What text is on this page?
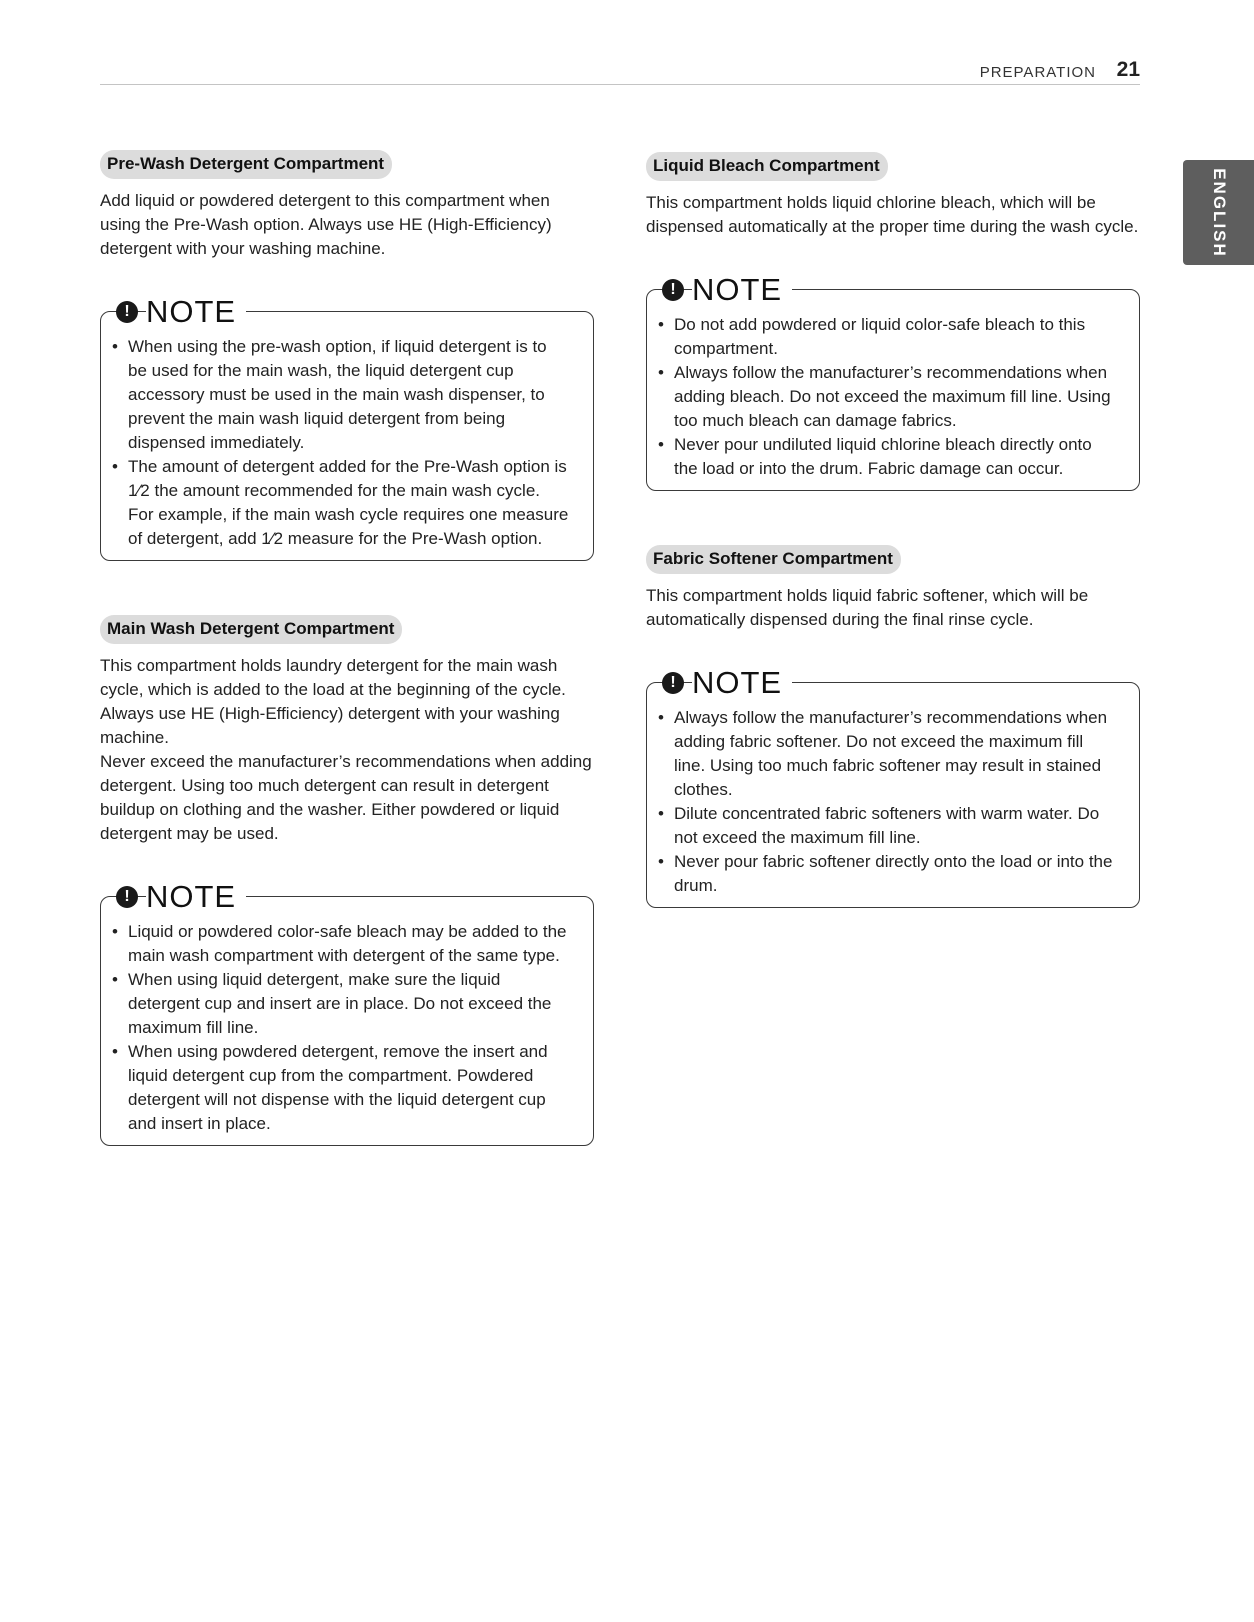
PREPARATION 21
ENGLISH
Pre-Wash Detergent Compartment

Add liquid or powdered detergent to this compartment when using the Pre-Wash option. Always use HE (High-Efficiency) detergent with your washing machine.

! NOTE
• When using the pre-wash option, if liquid detergent is to be used for the main wash, the liquid detergent cup accessory must be used in the main wash dispenser, to prevent the main wash liquid detergent from being dispensed immediately.
• The amount of detergent added for the Pre-Wash option is 1⁄2 the amount recommended for the main wash cycle. For example, if the main wash cycle requires one measure of detergent, add 1⁄2 measure for the Pre-Wash option.
Main Wash Detergent Compartment

This compartment holds laundry detergent for the main wash cycle, which is added to the load at the beginning of the cycle. Always use HE (High-Efficiency) detergent with your washing machine.

Never exceed the manufacturer’s recommendations when adding detergent. Using too much detergent can result in detergent buildup on clothing and the washer. Either powdered or liquid detergent may be used.

! NOTE
• Liquid or powdered color-safe bleach may be added to the main wash compartment with detergent of the same type.
• When using liquid detergent, make sure the liquid detergent cup and insert are in place. Do not exceed the maximum fill line.
• When using powdered detergent, remove the insert and liquid detergent cup from the compartment. Powdered detergent will not dispense with the liquid detergent cup and insert in place.
Liquid Bleach Compartment

This compartment holds liquid chlorine bleach, which will be dispensed automatically at the proper time during the wash cycle.

! NOTE
• Do not add powdered or liquid color-safe bleach to this compartment.
• Always follow the manufacturer’s recommendations when adding bleach. Do not exceed the maximum fill line. Using too much bleach can damage fabrics.
• Never pour undiluted liquid chlorine bleach directly onto the load or into the drum. Fabric damage can occur.
Fabric Softener Compartment

This compartment holds liquid fabric softener, which will be automatically dispensed during the final rinse cycle.

! NOTE
• Always follow the manufacturer’s recommendations when adding fabric softener. Do not exceed the maximum fill line. Using too much fabric softener may result in stained clothes.
• Dilute concentrated fabric softeners with warm water. Do not exceed the maximum fill line.
• Never pour fabric softener directly onto the load or into the drum.
